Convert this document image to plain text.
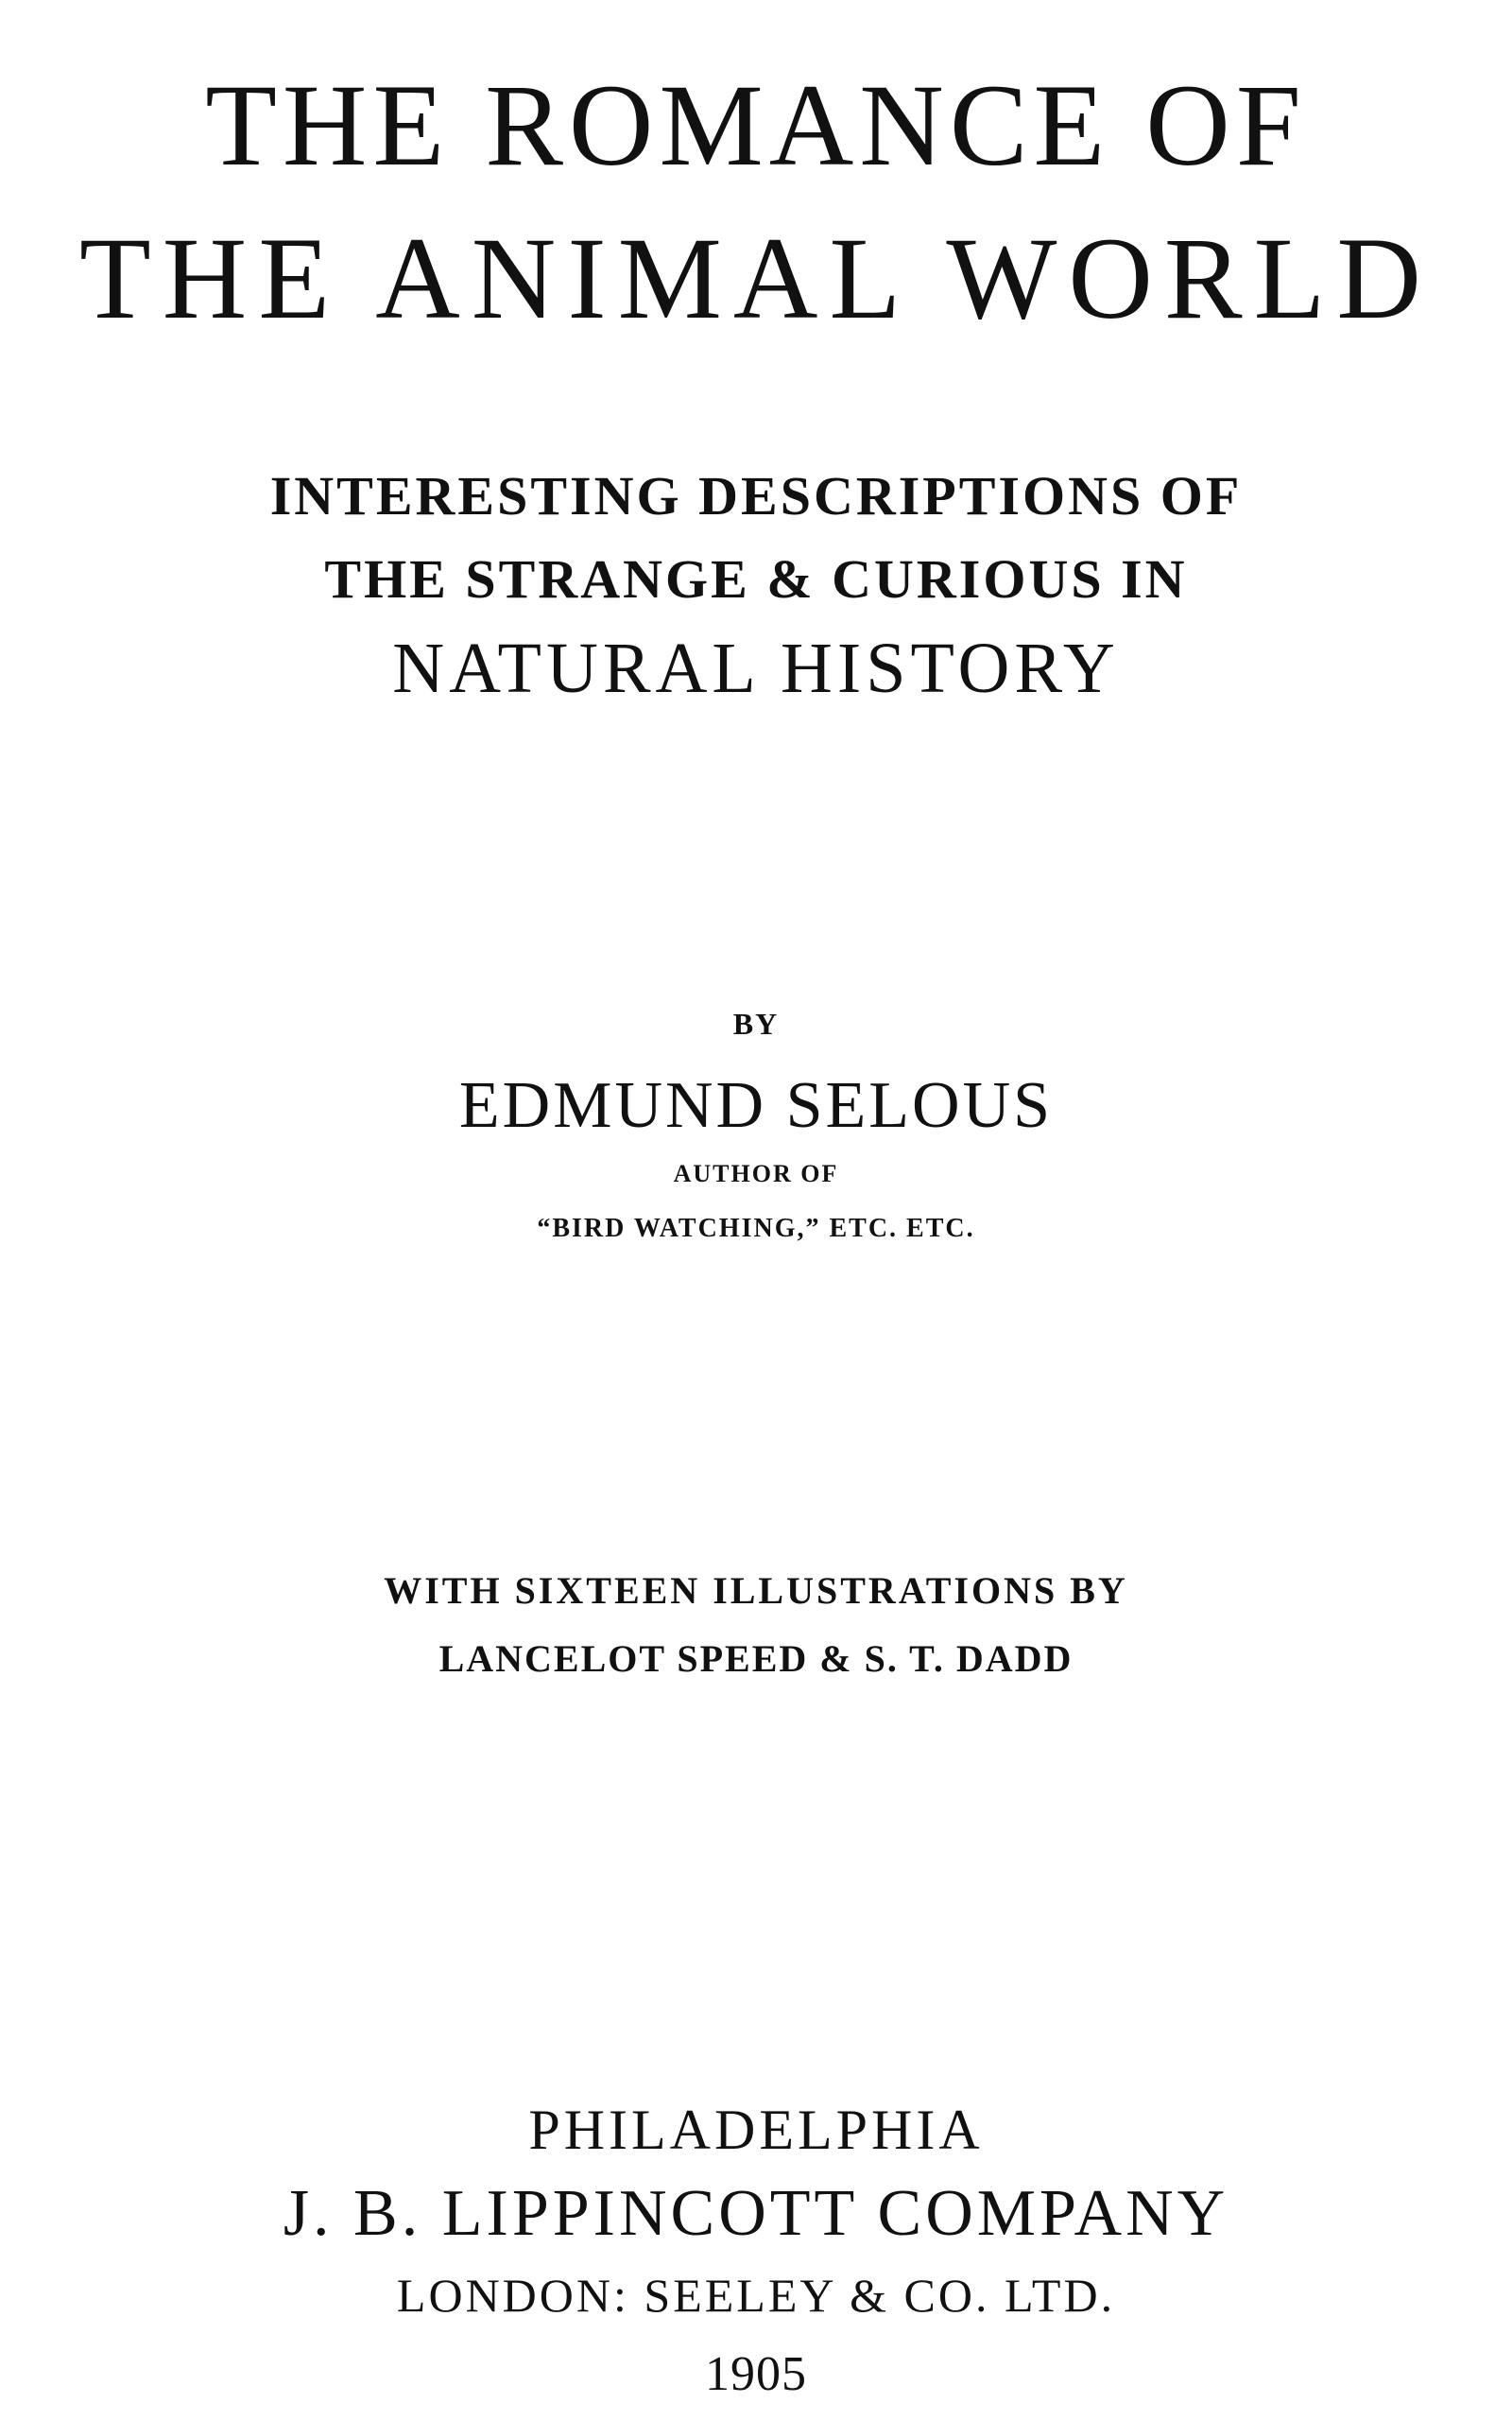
THE ROMANCE OF
THE ANIMAL WORLD
INTERESTING DESCRIPTIONS OF
THE STRANGE & CURIOUS IN
NATURAL HISTORY
BY
EDMUND SELOUS
AUTHOR OF
“BIRD WATCHING,” ETC. ETC.
WITH SIXTEEN ILLUSTRATIONS BY
LANCELOT SPEED & S. T. DADD
PHILADELPHIA
J. B. LIPPINCOTT COMPANY
LONDON: SEELEY & CO. LTD.
1905
